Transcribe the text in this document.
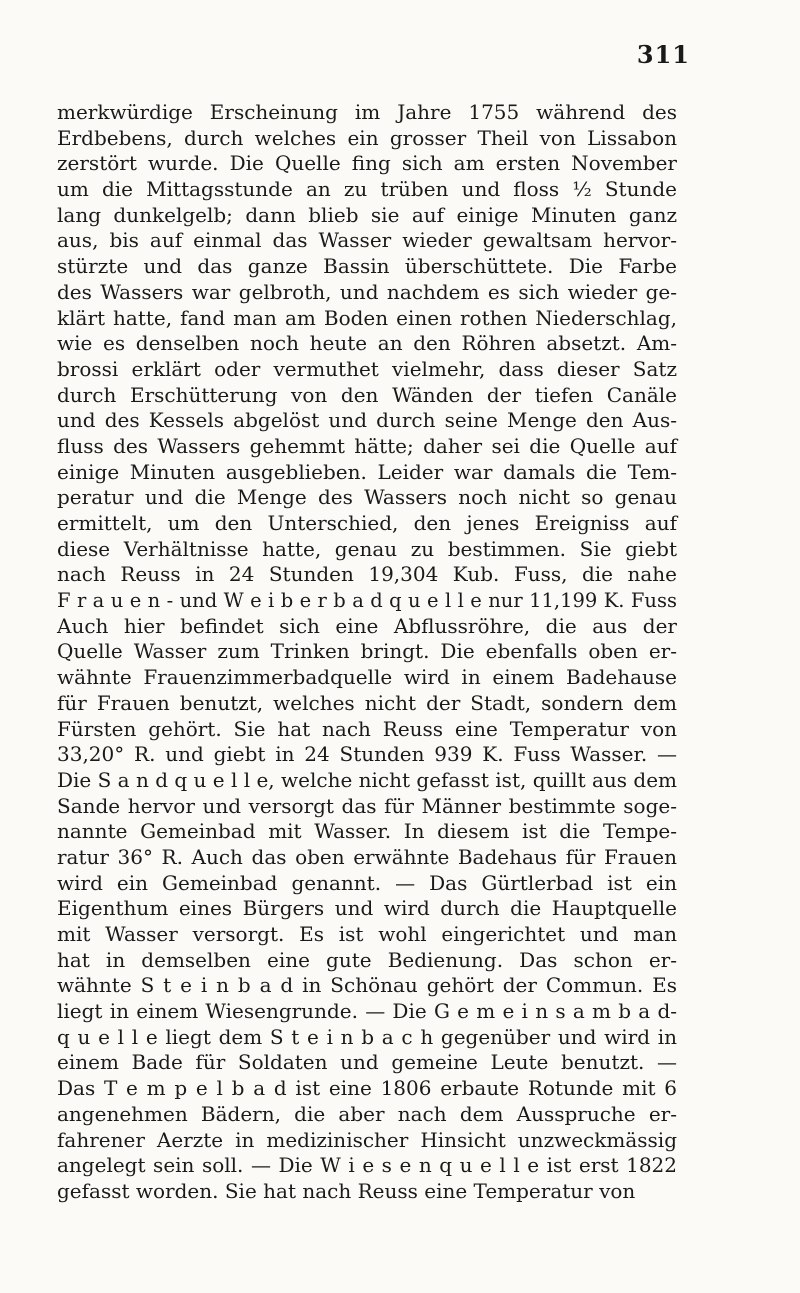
311
merkwürdige Erscheinung im Jahre 1755 während des
Erdbebens, durch welches ein grosser Theil von Lissabon
zerstört wurde. Die Quelle fing sich am ersten November
um die Mittagsstunde an zu trüben und floss ½ Stunde
lang dunkelgelb; dann blieb sie auf einige Minuten ganz
aus, bis auf einmal das Wasser wieder gewaltsam hervor-
stürzte und das ganze Bassin überschüttete. Die Farbe
des Wassers war gelbroth, und nachdem es sich wieder ge-
klärt hatte, fand man am Boden einen rothen Niederschlag,
wie es denselben noch heute an den Röhren absetzt. Am-
brossi erklärt oder vermuthet vielmehr, dass dieser Satz
durch Erschütterung von den Wänden der tiefen Canäle
und des Kessels abgelöst und durch seine Menge den Aus-
fluss des Wassers gehemmt hätte; daher sei die Quelle auf
einige Minuten ausgeblieben. Leider war damals die Tem-
peratur und die Menge des Wassers noch nicht so genau
ermittelt, um den Unterschied, den jenes Ereigniss auf
diese Verhältnisse hatte, genau zu bestimmen. Sie giebt
nach Reuss in 24 Stunden 19,304 Kub. Fuss, die nahe
F r a u e n - und W e i b e r b a d q u e l l e nur 11,199 K. Fuss
Auch hier befindet sich eine Abflussröhre, die aus der
Quelle Wasser zum Trinken bringt. Die ebenfalls oben er-
wähnte Frauenzimmerbadquelle wird in einem Badehause
für Frauen benutzt, welches nicht der Stadt, sondern dem
Fürsten gehört. Sie hat nach Reuss eine Temperatur von
33,20° R. und giebt in 24 Stunden 939 K. Fuss Wasser. —
Die S a n d q u e l l e, welche nicht gefasst ist, quillt aus dem
Sande hervor und versorgt das für Männer bestimmte soge-
nannte Gemeinbad mit Wasser. In diesem ist die Tempe-
ratur 36° R. Auch das oben erwähnte Badehaus für Frauen
wird ein Gemeinbad genannt. — Das Gürtlerbad ist ein
Eigenthum eines Bürgers und wird durch die Hauptquelle
mit Wasser versorgt. Es ist wohl eingerichtet und man
hat in demselben eine gute Bedienung. Das schon er-
wähnte S t e i n b a d in Schönau gehört der Commun. Es
liegt in einem Wiesengrunde. — Die G e m e i n s a m b a d-
q u e l l e liegt dem S t e i n b a c h gegenüber und wird in
einem Bade für Soldaten und gemeine Leute benutzt. —
Das T e m p e l b a d ist eine 1806 erbaute Rotunde mit 6
angenehmen Bädern, die aber nach dem Ausspruche er-
fahrener Aerzte in medizinischer Hinsicht unzweckmässig
angelegt sein soll. — Die W i e s e n q u e l l e ist erst 1822
gefasst worden. Sie hat nach Reuss eine Temperatur von
